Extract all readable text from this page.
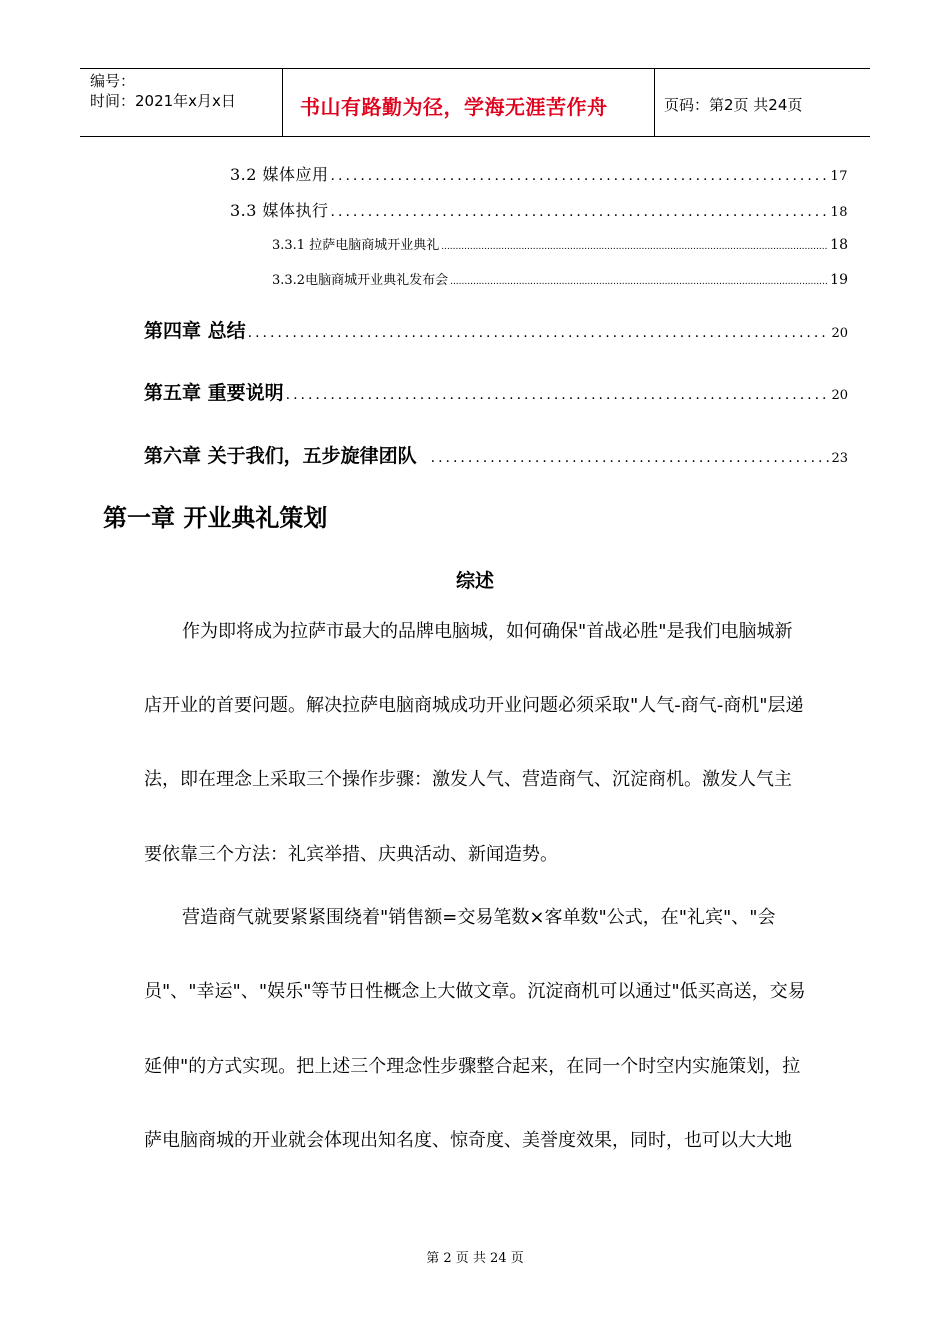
编号：
时间：2021年x月x日	书山有路勤为径，学海无涯苦作舟	页码：第2页 共24页
3.2 媒体应用 .....	17
3.3 媒体执行 .....	18
3.3.1 拉萨电脑商城开业典礼 .....	18
3.3.2电脑商城开业典礼发布会 .....	19
第四章 总结 .....	20
第五章 重要说明 .....	20
第六章 关于我们，五步旋律团队 .....	23
第一章 开业典礼策划
综述
作为即将成为拉萨市最大的品牌电脑城，如何确保"首战必胜"是我们电脑城新
店开业的首要问题。解决拉萨电脑商城成功开业问题必须采取"人气-商气-商机"层递
法，即在理念上采取三个操作步骤：激发人气、营造商气、沉淀商机。激发人气主
要依靠三个方法：礼宾举措、庆典活动、新闻造势。
营造商气就要紧紧围绕着"销售额=交易笔数×客单数"公式，在"礼宾"、"会
员"、"幸运"、"娱乐"等节日性概念上大做文章。沉淀商机可以通过"低买高送，交易
延伸"的方式实现。把上述三个理念性步骤整合起来，在同一个时空内实施策划，拉
萨电脑商城的开业就会体现出知名度、惊奇度、美誉度效果，同时，也可以大大地
第 2 页 共 24 页
